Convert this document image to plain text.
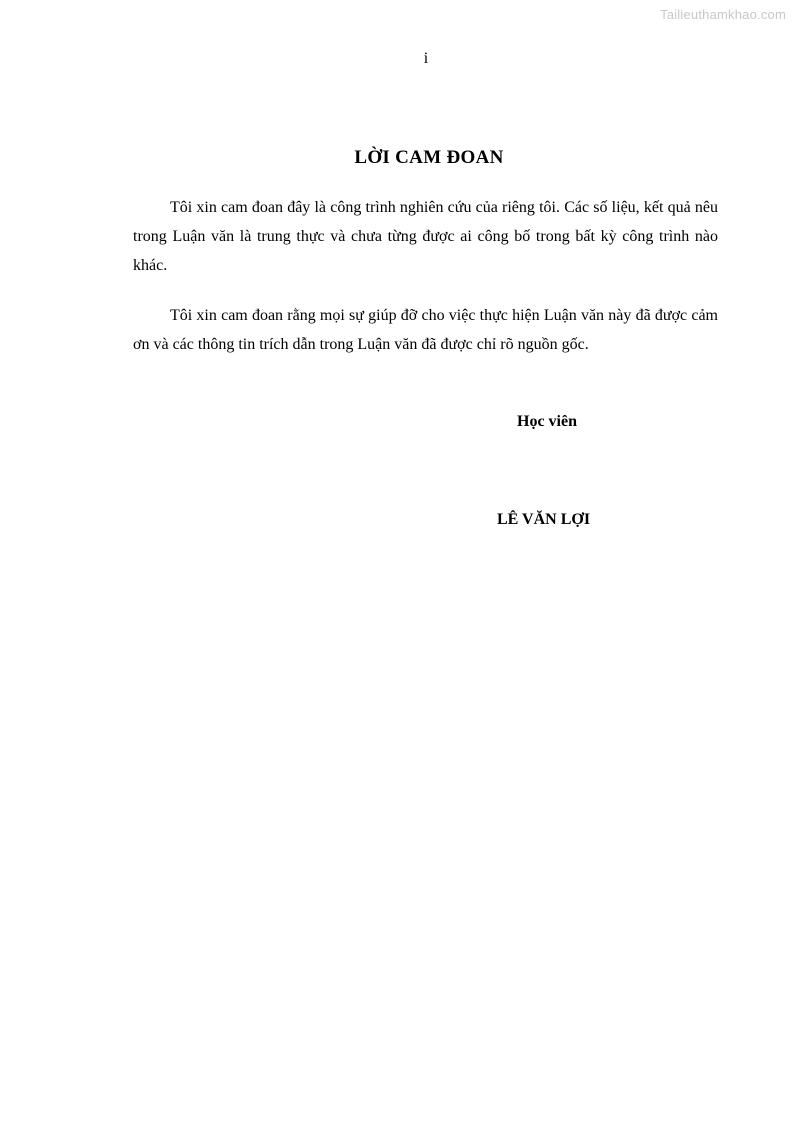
Tailieuthamkhao.com
i
LỜI CAM ĐOAN

Tôi xin cam đoan đây là công trình nghiên cứu của riêng tôi. Các số liệu, kết quả nêu trong Luận văn là trung thực và chưa từng được ai công bố trong bất kỳ công trình nào khác.

Tôi xin cam đoan rằng mọi sự giúp đỡ cho việc thực hiện Luận văn này đã được cảm ơn và các thông tin trích dẫn trong Luận văn đã được chỉ rõ nguồn gốc.

Học viên
LÊ VĂN LỢI
